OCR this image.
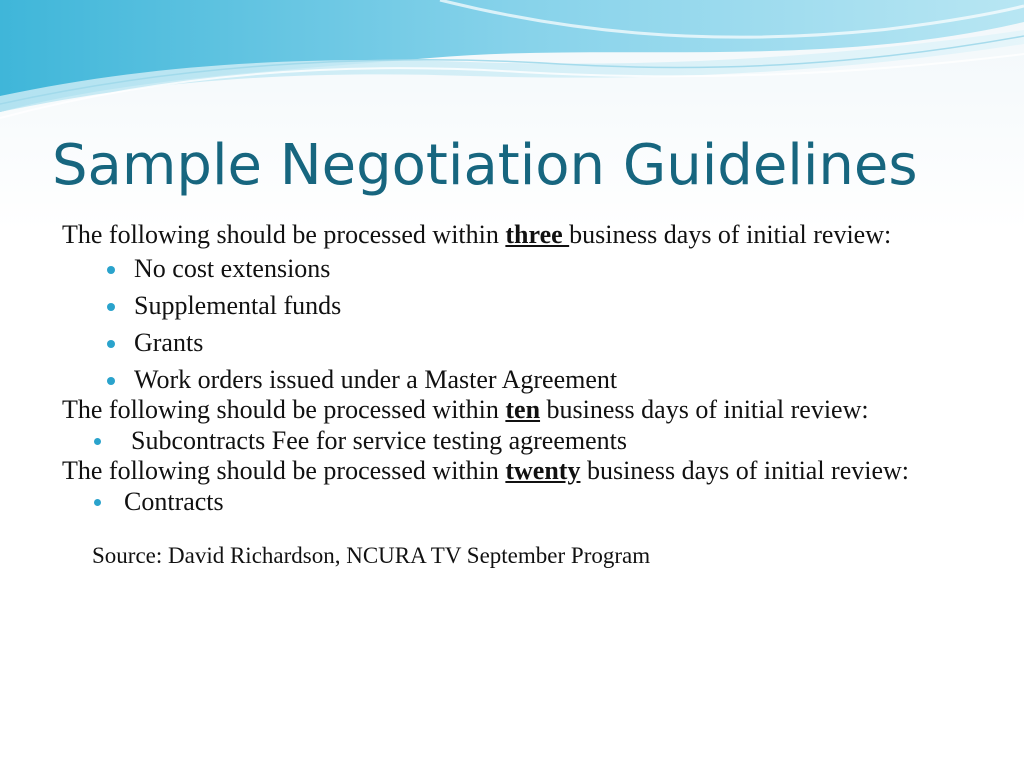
Sample Negotiation Guidelines

The following should be processed within three business days of initial review:

No cost extensions
Supplemental funds
Grants
Work orders issued under a Master Agreement

The following should be processed within ten business days of initial review:

Subcontracts Fee for service testing agreements

The following should be processed within twenty business days of initial review:

Contracts

Source: David Richardson, NCURA TV September Program
